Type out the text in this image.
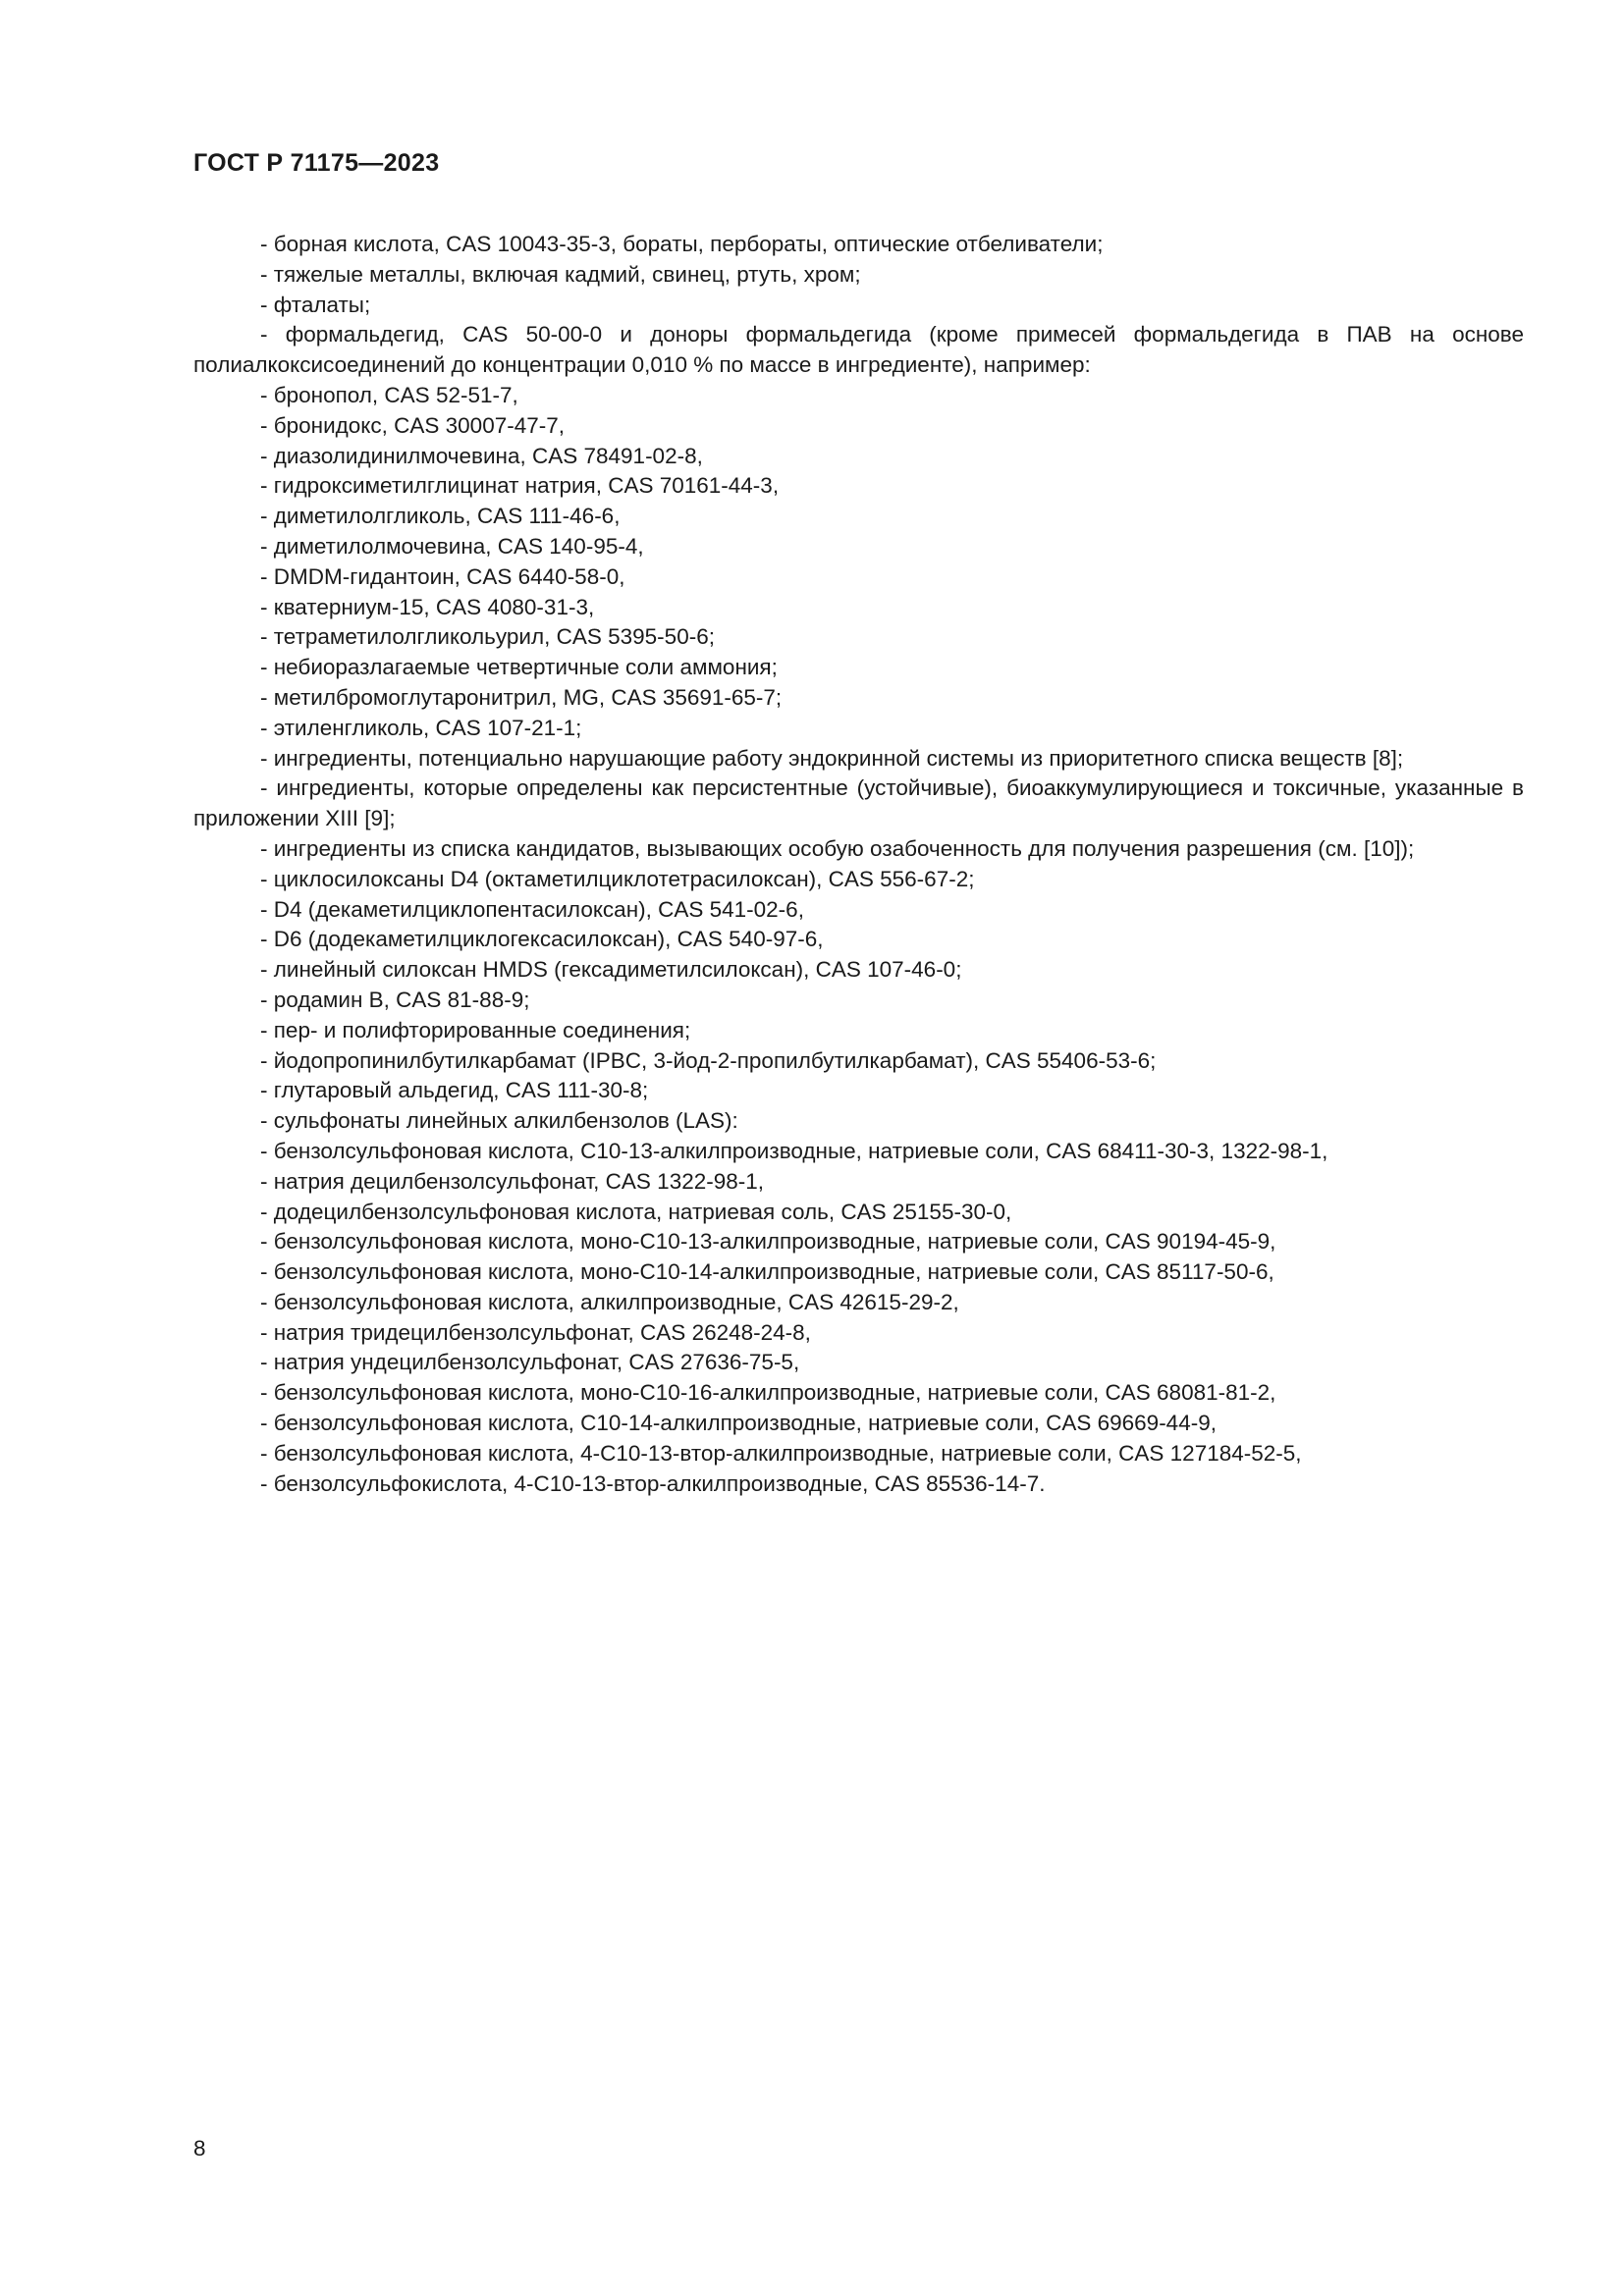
ГОСТ Р 71175—2023

- борная кислота, CAS 10043-35-3, бораты, пербораты, оптические отбеливатели;

- тяжелые металлы, включая кадмий, свинец, ртуть, хром;

- фталаты;

- формальдегид, CAS 50-00-0 и доноры формальдегида (кроме примесей формальдегида в ПАВ на основе полиалкоксисоединений до концентрации 0,010 % по массе в ингредиенте), например:

- бронопол, CAS 52-51-7,

- бронидокс, CAS 30007-47-7,

- диазолидинилмочевина, CAS 78491-02-8,

- гидроксиметилглицинат натрия, CAS 70161-44-3,

- диметилолгликоль, CAS 111-46-6,

- диметилолмочевина, CAS 140-95-4,

- DMDM-гидантоин, CAS 6440-58-0,

- кватерниум-15, CAS 4080-31-3,

- тетраметилолгликольурил, CAS 5395-50-6;

- небиоразлагаемые четвертичные соли аммония;

- метилбромоглутаронитрил, MG, CAS 35691-65-7;

- этиленгликоль, CAS 107-21-1;

- ингредиенты, потенциально нарушающие работу эндокринной системы из приоритетного списка веществ [8];

- ингредиенты, которые определены как персистентные (устойчивые), биоаккумулирующиеся и токсичные, указанные в приложении XIII [9];

- ингредиенты из списка кандидатов, вызывающих особую озабоченность для получения разрешения (см. [10]);

- циклосилоксаны D4 (октаметилциклотетрасилоксан), CAS 556-67-2;

- D4 (декаметилциклопентасилоксан), CAS 541-02-6,

- D6 (додекаметилциклогексасилоксан), CAS 540-97-6,

- линейный силоксан HMDS (гексадиметилсилоксан), CAS 107-46-0;

- родамин В, CAS 81-88-9;

- пер- и полифторированные соединения;

- йодопропинилбутилкарбамат (IPBC, 3-йод-2-пропилбутилкарбамат), CAS 55406-53-6;

- глутаровый альдегид, CAS 111-30-8;

- сульфонаты линейных алкилбензолов (LAS):

- бензолсульфоновая кислота, С10-13-алкилпроизводные, натриевые соли, CAS 68411-30-3, 1322-98-1,

- натрия децилбензолсульфонат, CAS 1322-98-1,

- додецилбензолсульфоновая кислота, натриевая соль, CAS 25155-30-0,

- бензолсульфоновая кислота, моно-С10-13-алкилпроизводные, натриевые соли, CAS 90194-45-9,

- бензолсульфоновая кислота, моно-С10-14-алкилпроизводные, натриевые соли, CAS 85117-50-6,

- бензолсульфоновая кислота, алкилпроизводные, CAS 42615-29-2,

- натрия тридецилбензолсульфонат, CAS 26248-24-8,

- натрия ундецилбензолсульфонат, CAS 27636-75-5,

- бензолсульфоновая кислота, моно-С10-16-алкилпроизводные, натриевые соли, CAS 68081-81-2,

- бензолсульфоновая кислота, С10-14-алкилпроизводные, натриевые соли, CAS 69669-44-9,

- бензолсульфоновая кислота, 4-С10-13-втор-алкилпроизводные, натриевые соли, CAS 127184-52-5,

- бензолсульфокислота, 4-С10-13-втор-алкилпроизводные, CAS 85536-14-7.

8
